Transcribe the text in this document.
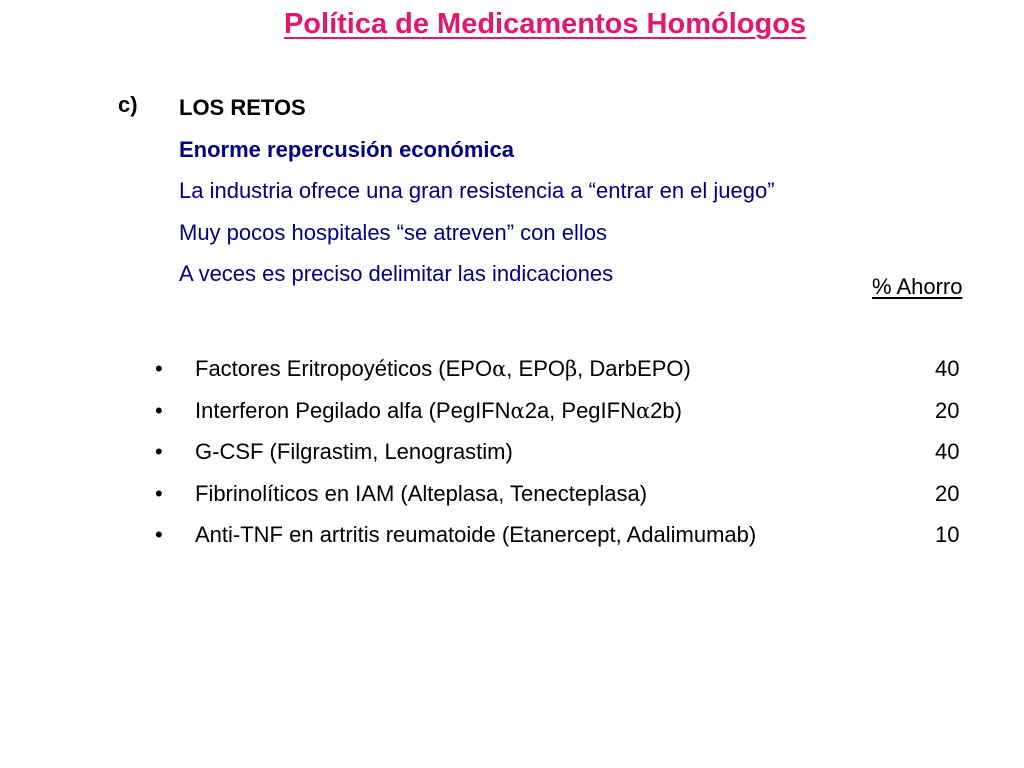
Política de Medicamentos Homólogos
c) LOS RETOS
Enorme repercusión económica
La industria ofrece una gran resistencia a “entrar en el juego”
Muy pocos hospitales “se atreven” con ellos
A veces es preciso delimitar las indicaciones
% Ahorro
• Factores Eritropoyéticos (EPOα, EPOβ, DarbEPO)	40
• Interferon Pegilado alfa (PegIFNα2a, PegIFNα2b)	20
• G-CSF (Filgrastim, Lenograstim)	40
• Fibrinolíticos en IAM (Alteplasa, Tenecteplasa)	20
• Anti-TNF en artritis reumatoide (Etanercept, Adalimumab)	10
